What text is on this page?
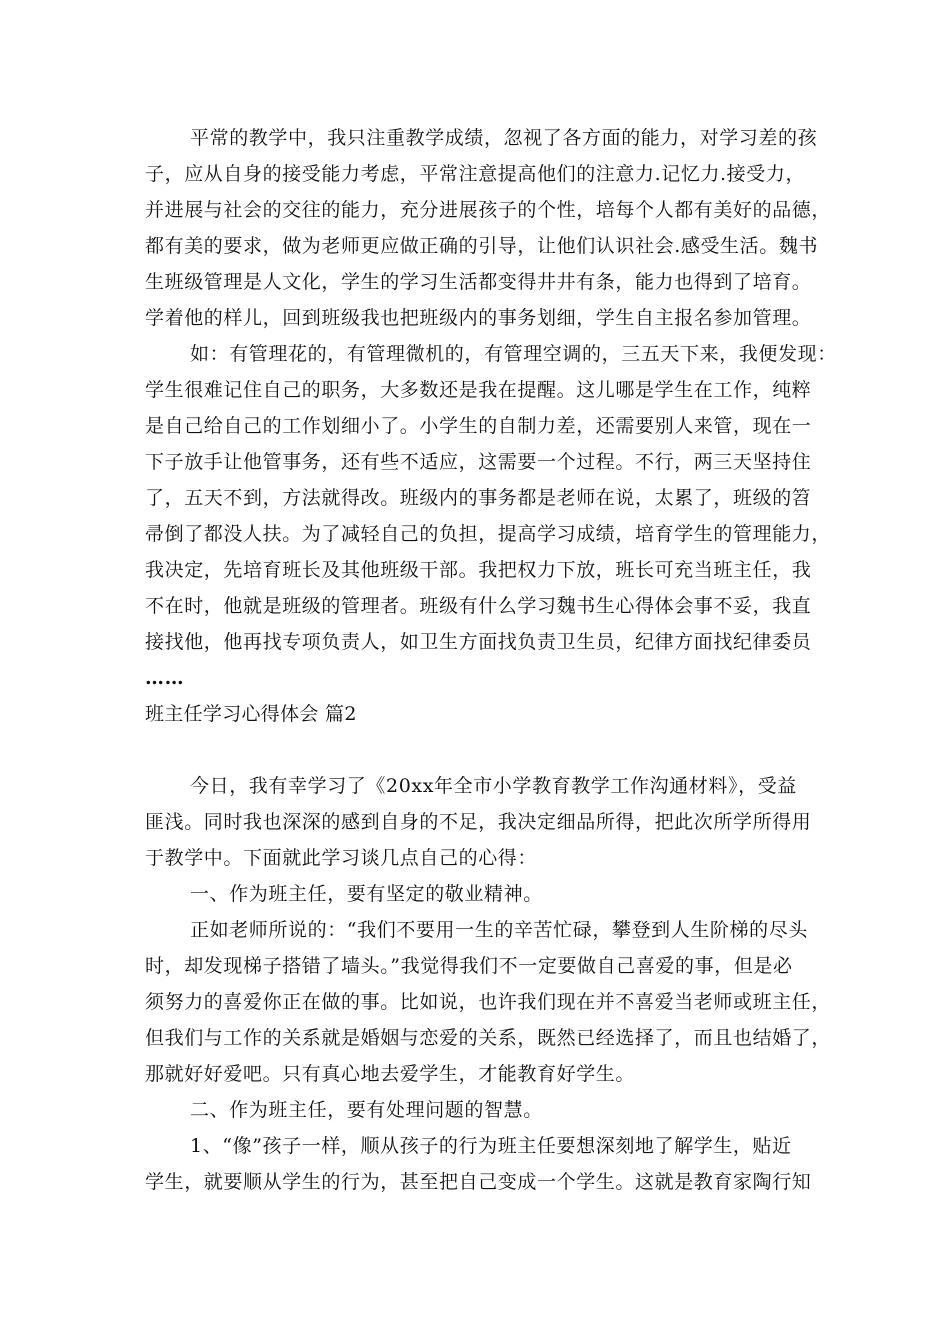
平常的教学中，我只注重教学成绩，忽视了各方面的能力，对学习差的孩
子，应从自身的接受能力考虑，平常注意提高他们的注意力.记忆力.接受力，
并进展与社会的交往的能力，充分进展孩子的个性，培每个人都有美好的品德，
都有美的要求，做为老师更应做正确的引导，让他们认识社会.感受生活。魏书
生班级管理是人文化，学生的学习生活都变得井井有条，能力也得到了培育。
学着他的样儿，回到班级我也把班级内的事务划细，学生自主报名参加管理。
如：有管理花的，有管理微机的，有管理空调的，三五天下来，我便发现：
学生很难记住自己的职务，大多数还是我在提醒。这儿哪是学生在工作，纯粹
是自己给自己的工作划细小了。小学生的自制力差，还需要别人来管，现在一
下子放手让他管事务，还有些不适应，这需要一个过程。不行，两三天坚持住
了，五天不到，方法就得改。班级内的事务都是老师在说，太累了，班级的笤
帚倒了都没人扶。为了减轻自己的负担，提高学习成绩，培育学生的管理能力，
我决定，先培育班长及其他班级干部。我把权力下放，班长可充当班主任，我
不在时，他就是班级的管理者。班级有什么学习魏书生心得体会事不妥，我直
接找他，他再找专项负责人，如卫生方面找负责卫生员，纪律方面找纪律委员
……
班主任学习心得体会 篇2
今日，我有幸学习了《20xx年全市小学教育教学工作沟通材料》，受益
匪浅。同时我也深深的感到自身的不足，我决定细品所得，把此次所学所得用
于教学中。下面就此学习谈几点自己的心得：
一、作为班主任，要有坚定的敬业精神。
正如老师所说的：“我们不要用一生的辛苦忙碌，攀登到人生阶梯的尽头
时，却发现梯子搭错了墙头。”我觉得我们不一定要做自己喜爱的事，但是必
须努力的喜爱你正在做的事。比如说，也许我们现在并不喜爱当老师或班主任，
但我们与工作的关系就是婚姻与恋爱的关系，既然已经选择了，而且也结婚了，
那就好好爱吧。只有真心地去爱学生，才能教育好学生。
二、作为班主任，要有处理问题的智慧。
1、“像”孩子一样，顺从孩子的行为班主任要想深刻地了解学生，贴近
学生，就要顺从学生的行为，甚至把自己变成一个学生。这就是教育家陶行知
